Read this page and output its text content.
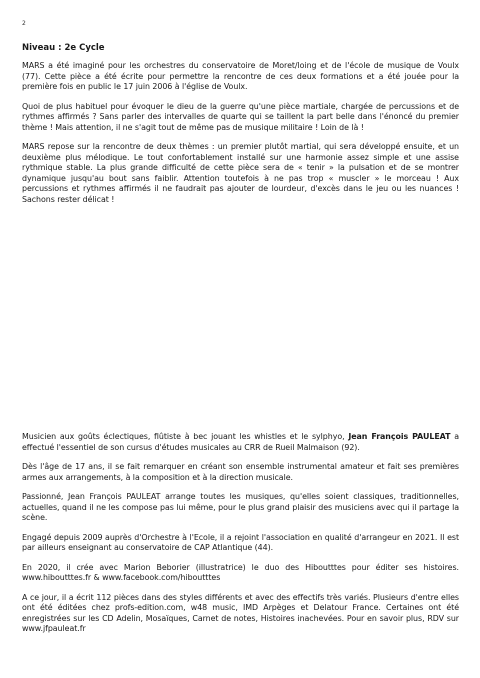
2
Niveau : 2e Cycle

MARS a été imaginé pour les orchestres du conservatoire de Moret/loing et de l'école de musique de Voulx (77). Cette pièce a été écrite pour permettre la rencontre de ces deux formations et a été jouée pour la première fois en public le 17 juin 2006 à l'église de Voulx.

Quoi de plus habituel pour évoquer le dieu de la guerre qu'une pièce martiale, chargée de percussions et de rythmes affirmés ? Sans parler des intervalles de quarte qui se taillent la part belle dans l'énoncé du premier thème ! Mais attention, il ne s'agit tout de même pas de musique militaire ! Loin de là !

MARS repose sur la rencontre de deux thèmes : un premier plutôt martial, qui sera développé ensuite, et un deuxième plus mélodique. Le tout confortablement installé sur une harmonie assez simple et une assise rythmique stable. La plus grande difficulté de cette pièce sera de « tenir » la pulsation et de se montrer dynamique jusqu'au bout sans faiblir. Attention toutefois à ne pas trop « muscler » le morceau ! Aux percussions et rythmes affirmés il ne faudrait pas ajouter de lourdeur, d'excès dans le jeu ou les nuances ! Sachons rester délicat !

Musicien aux goûts éclectiques, flûtiste à bec jouant les whistles et le sylphyo, Jean François PAULEAT a effectué l'essentiel de son cursus d'études musicales au CRR de Rueil Malmaison (92).

Dès l'âge de 17 ans, il se fait remarquer en créant son ensemble instrumental amateur et fait ses premières armes aux arrangements, à la composition et à la direction musicale.

Passionné, Jean François PAULEAT arrange toutes les musiques, qu'elles soient classiques, traditionnelles, actuelles, quand il ne les compose pas lui même, pour le plus grand plaisir des musiciens avec qui il partage la scène.

Engagé depuis 2009 auprès d'Orchestre à l'Ecole, il a rejoint l'association en qualité d'arrangeur en 2021. Il est par ailleurs enseignant au conservatoire de CAP Atlantique (44).

En 2020, il crée avec Marion Beborier (illustratrice) le duo des Hiboutttes pour éditer ses histoires. www.hiboutttes.fr & www.facebook.com/hiboutttes

A ce jour, il a écrit 112 pièces dans des styles différents et avec des effectifs très variés. Plusieurs d'entre elles ont été éditées chez profs-edition.com, w48 music, IMD Arpèges et Delatour France. Certaines ont été enregistrées sur les CD Adelin, Mosaïques, Carnet de notes, Histoires inachevées. Pour en savoir plus, RDV sur www.jfpauleat.fr
